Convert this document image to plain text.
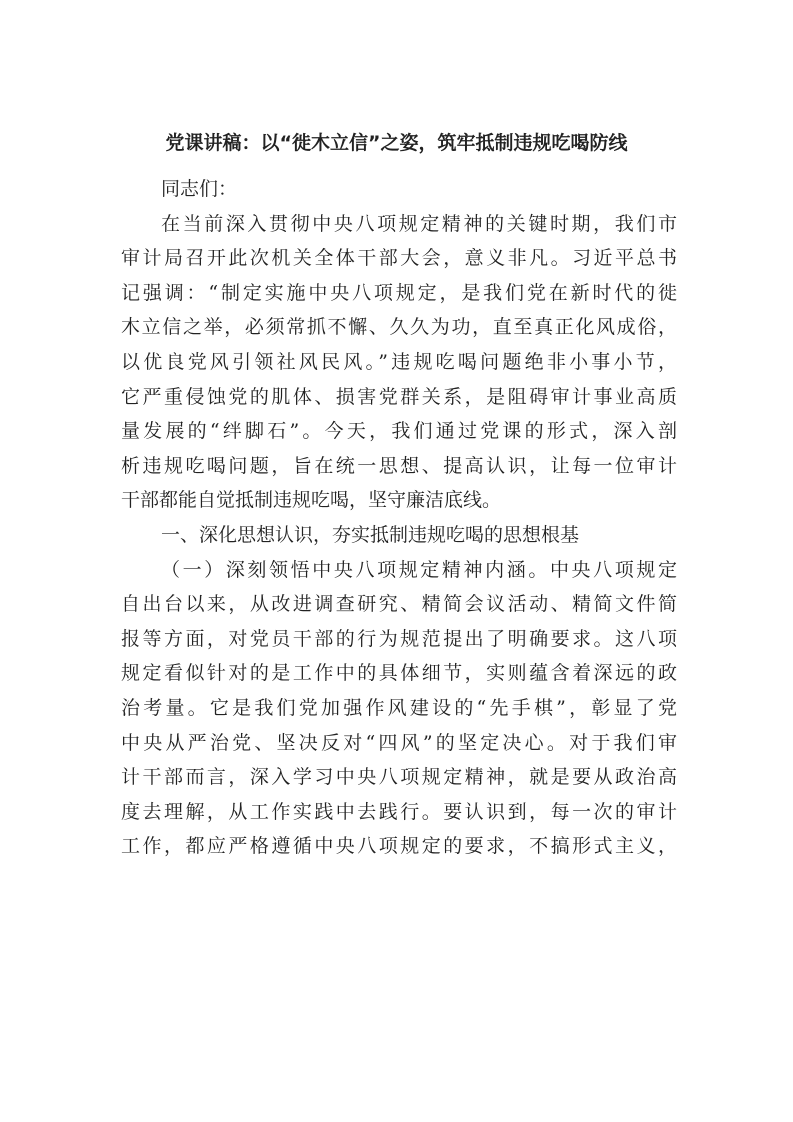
党课讲稿：以“徙木立信”之姿，筑牢抵制违规吃喝防线
同志们：
在当前深入贯彻中央八项规定精神的关键时期，我们市
审计局召开此次机关全体干部大会，意义非凡。习近平总书
记强调：“制定实施中央八项规定，是我们党在新时代的徙
木立信之举，必须常抓不懈、久久为功，直至真正化风成俗，
以优良党风引领社风民风。”违规吃喝问题绝非小事小节，
它严重侵蚀党的肌体、损害党群关系，是阻碍审计事业高质
量发展的“绊脚石”。今天，我们通过党课的形式，深入剖
析违规吃喝问题，旨在统一思想、提高认识，让每一位审计
干部都能自觉抵制违规吃喝，坚守廉洁底线。
一、深化思想认识，夯实抵制违规吃喝的思想根基
（一）深刻领悟中央八项规定精神内涵。中央八项规定
自出台以来，从改进调查研究、精简会议活动、精简文件简
报等方面，对党员干部的行为规范提出了明确要求。这八项
规定看似针对的是工作中的具体细节，实则蕴含着深远的政
治考量。它是我们党加强作风建设的“先手棋”，彰显了党
中央从严治党、坚决反对“四风”的坚定决心。对于我们审
计干部而言，深入学习中央八项规定精神，就是要从政治高
度去理解，从工作实践中去践行。要认识到，每一次的审计
工作，都应严格遵循中央八项规定的要求，不搞形式主义，
